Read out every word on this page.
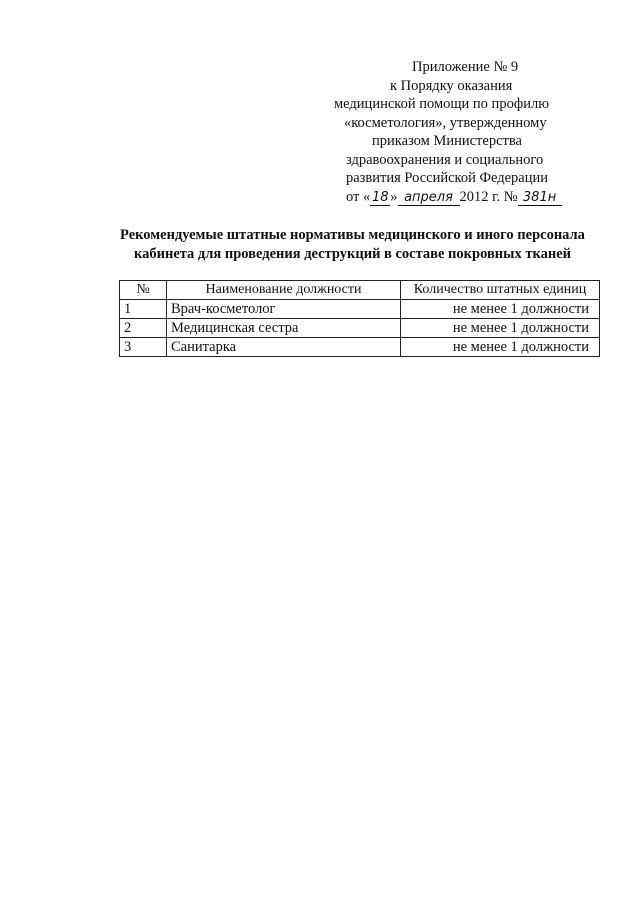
Приложение № 9
к Порядку оказания
медицинской помощи по профилю
«косметология», утвержденному
приказом Министерства
здравоохранения и социального
развития Российской Федерации
от « 18 » апреля 2012 г. № 381н
Рекомендуемые штатные нормативы медицинского и иного персонала
кабинета для проведения деструкций в составе покровных тканей
№	Наименование должности	Количество штатных единиц
1	Врач-косметолог	не менее 1 должности
2	Медицинская сестра	не менее 1 должности
3	Санитарка	не менее 1 должности
